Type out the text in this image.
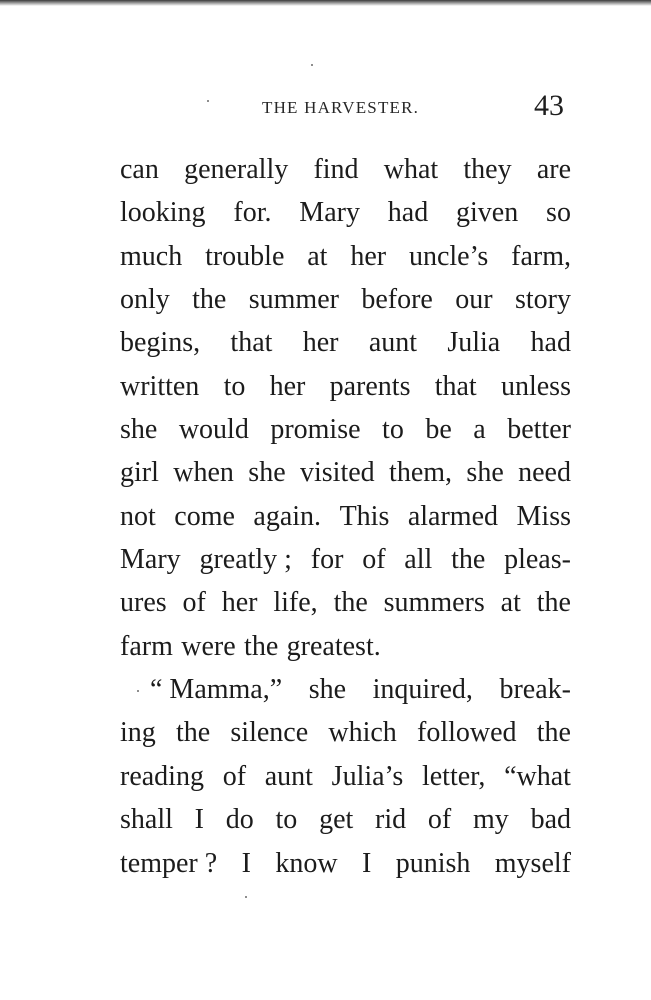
THE HARVESTER.	43
can generally find what they are
looking for. Mary had given so
much trouble at her uncle’s farm,
only the summer before our story
begins, that her aunt Julia had
written to her parents that unless
she would promise to be a better
girl when she visited them, she need
not come again. This alarmed Miss
Mary greatly ; for of all the pleas-
ures of her life, the summers at the
farm were the greatest.
“ Mamma,” she inquired, break-
ing the silence which followed the
reading of aunt Julia’s letter, “what
shall I do to get rid of my bad
temper ? I know I punish myself
